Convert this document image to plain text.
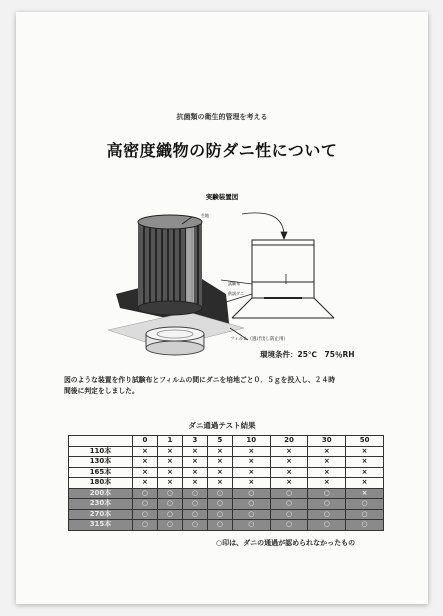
抗菌類の衛生的管理を考える
高密度織物の防ダニ性について
実験装置図
生地
試験布
供試ダニ
フィルム（逃げ出し防止用）
環境条件：25℃　75％RH
図のような装置を作り試験布とフィルムの間にダニを培地ごと０．５ｇを投入し、２４時
間後に判定をしました。
ダニ通過テスト結果
	0	1	3	5	10	20	30	50
110本	×	×	×	×	×	×	×	×
130本	×	×	×	×	×	×	×	×
165本	×	×	×	×	×	×	×	×
180本	×	×	×	×	×	×	×	×
200本	○	○	○	○	○	○	○	×
230本	○	○	○	○	○	○	○	○
270本	○	○	○	○	○	○	○	○
315本	○	○	○	○	○	○	○	○
○印は、ダニの通過が認められなかったもの
